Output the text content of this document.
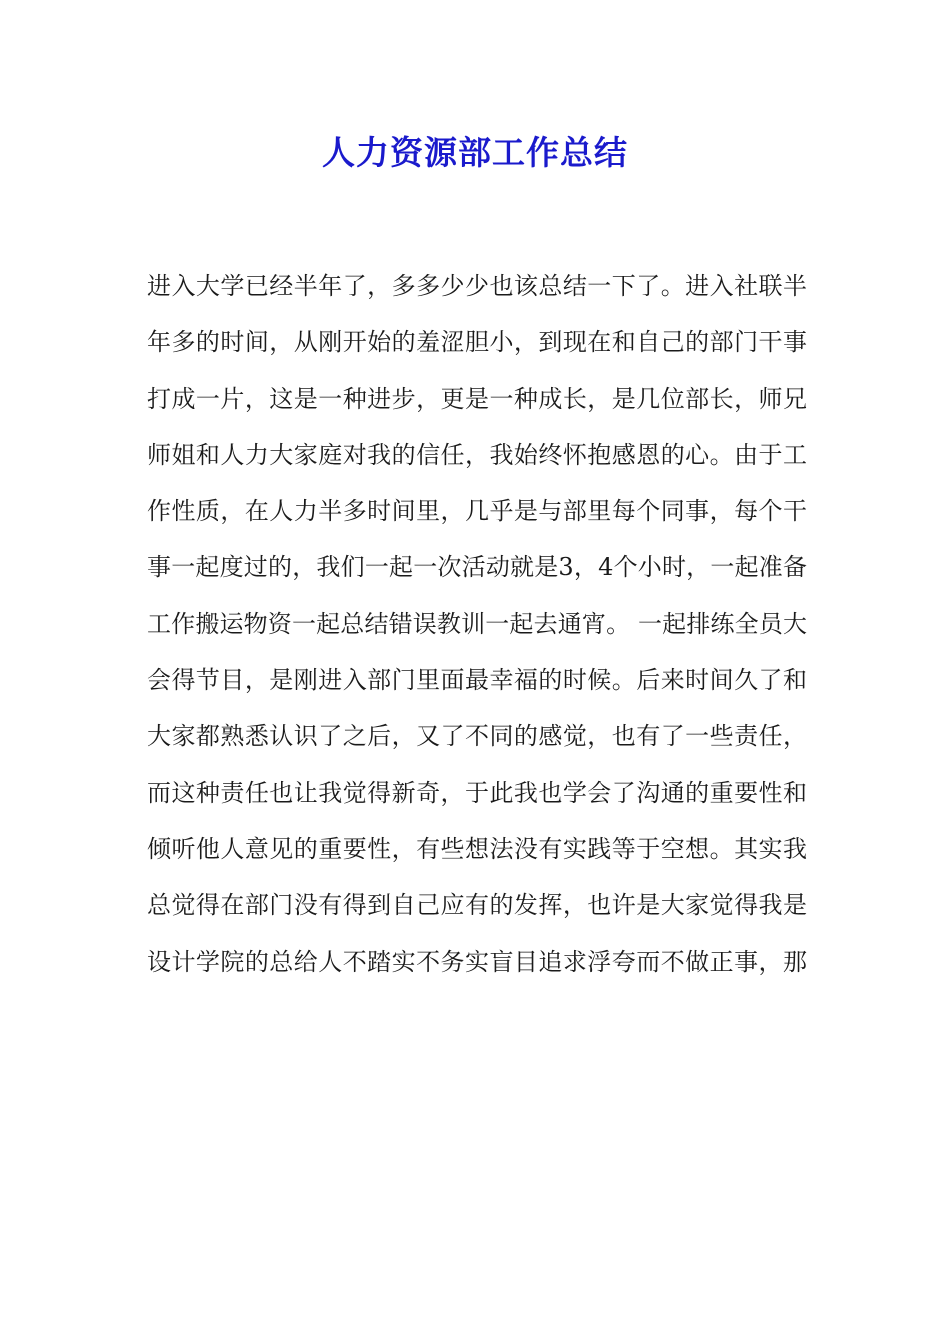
人力资源部工作总结
进入大学已经半年了，多多少少也该总结一下了。进入社联半
年多的时间，从刚开始的羞涩胆小，到现在和自己的部门干事
打成一片，这是一种进步，更是一种成长，是几位部长，师兄
师姐和人力大家庭对我的信任，我始终怀抱感恩的心。由于工
作性质，在人力半多时间里，几乎是与部里每个同事，每个干
事一起度过的，我们一起一次活动就是3，4个小时，一起准备
工作搬运物资一起总结错误教训一起去通宵。 一起排练全员大
会得节目，是刚进入部门里面最幸福的时候。后来时间久了和
大家都熟悉认识了之后，又了不同的感觉，也有了一些责任，
而这种责任也让我觉得新奇，于此我也学会了沟通的重要性和
倾听他人意见的重要性，有些想法没有实践等于空想。其实我
总觉得在部门没有得到自己应有的发挥，也许是大家觉得我是
设计学院的总给人不踏实不务实盲目追求浮夸而不做正事，那
